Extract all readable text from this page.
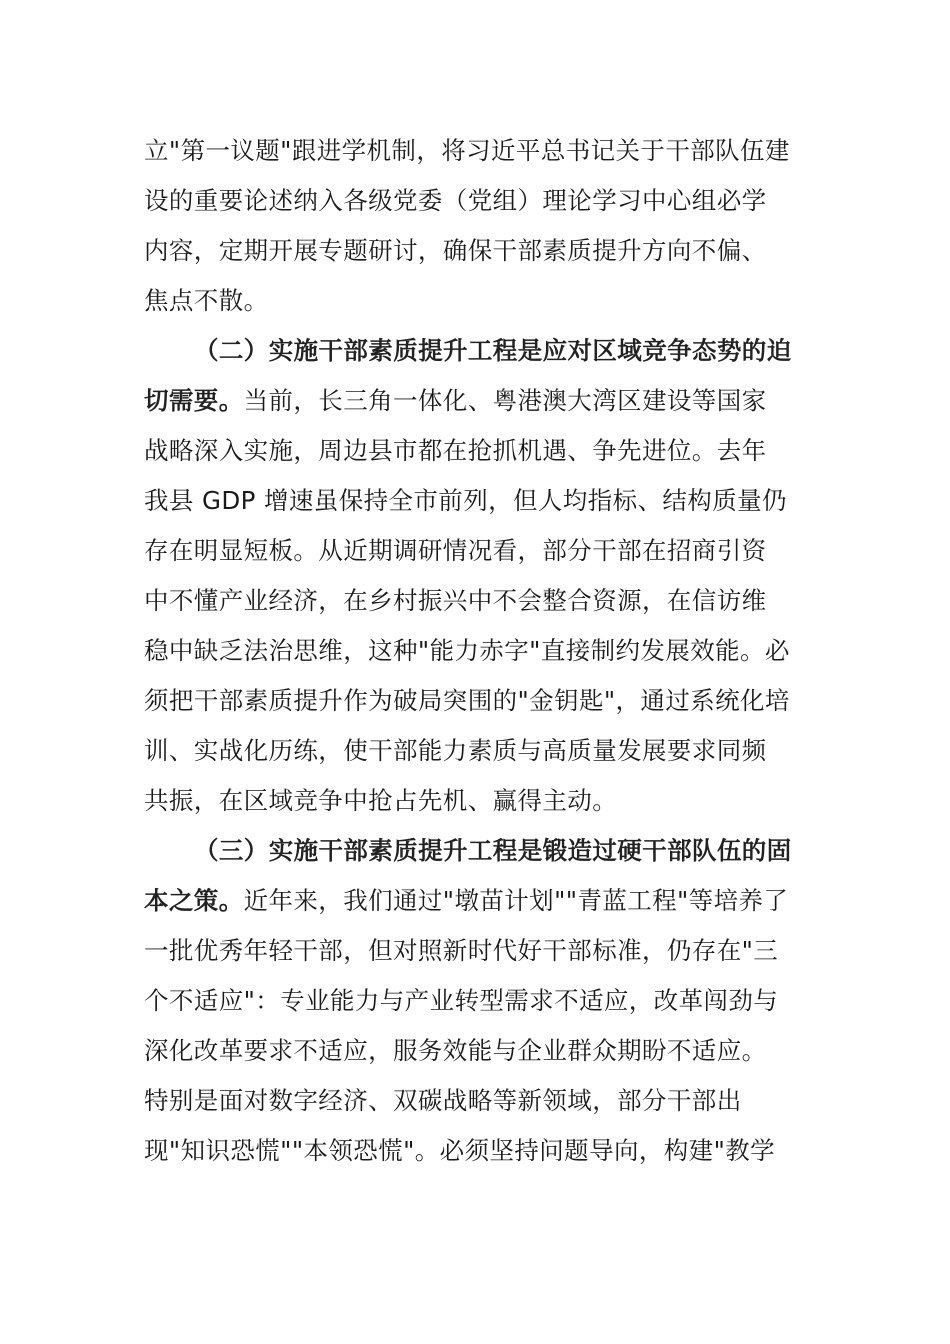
立"第一议题"跟进学机制，将习近平总书记关于干部队伍建
设的重要论述纳入各级党委（党组）理论学习中心组必学
内容，定期开展专题研讨，确保干部素质提升方向不偏、
焦点不散。
（二）实施干部素质提升工程是应对区域竞争态势的迫
切需要。当前，长三角一体化、粤港澳大湾区建设等国家
战略深入实施，周边县市都在抢抓机遇、争先进位。去年
我县 GDP 增速虽保持全市前列，但人均指标、结构质量仍
存在明显短板。从近期调研情况看，部分干部在招商引资
中不懂产业经济，在乡村振兴中不会整合资源，在信访维
稳中缺乏法治思维，这种"能力赤字"直接制约发展效能。必
须把干部素质提升作为破局突围的"金钥匙"，通过系统化培
训、实战化历练，使干部能力素质与高质量发展要求同频
共振，在区域竞争中抢占先机、赢得主动。
（三）实施干部素质提升工程是锻造过硬干部队伍的固
本之策。近年来，我们通过"墩苗计划""青蓝工程"等培养了
一批优秀年轻干部，但对照新时代好干部标准，仍存在"三
个不适应"：专业能力与产业转型需求不适应，改革闯劲与
深化改革要求不适应，服务效能与企业群众期盼不适应。
特别是面对数字经济、双碳战略等新领域，部分干部出
现"知识恐慌""本领恐慌"。必须坚持问题导向，构建"教学
